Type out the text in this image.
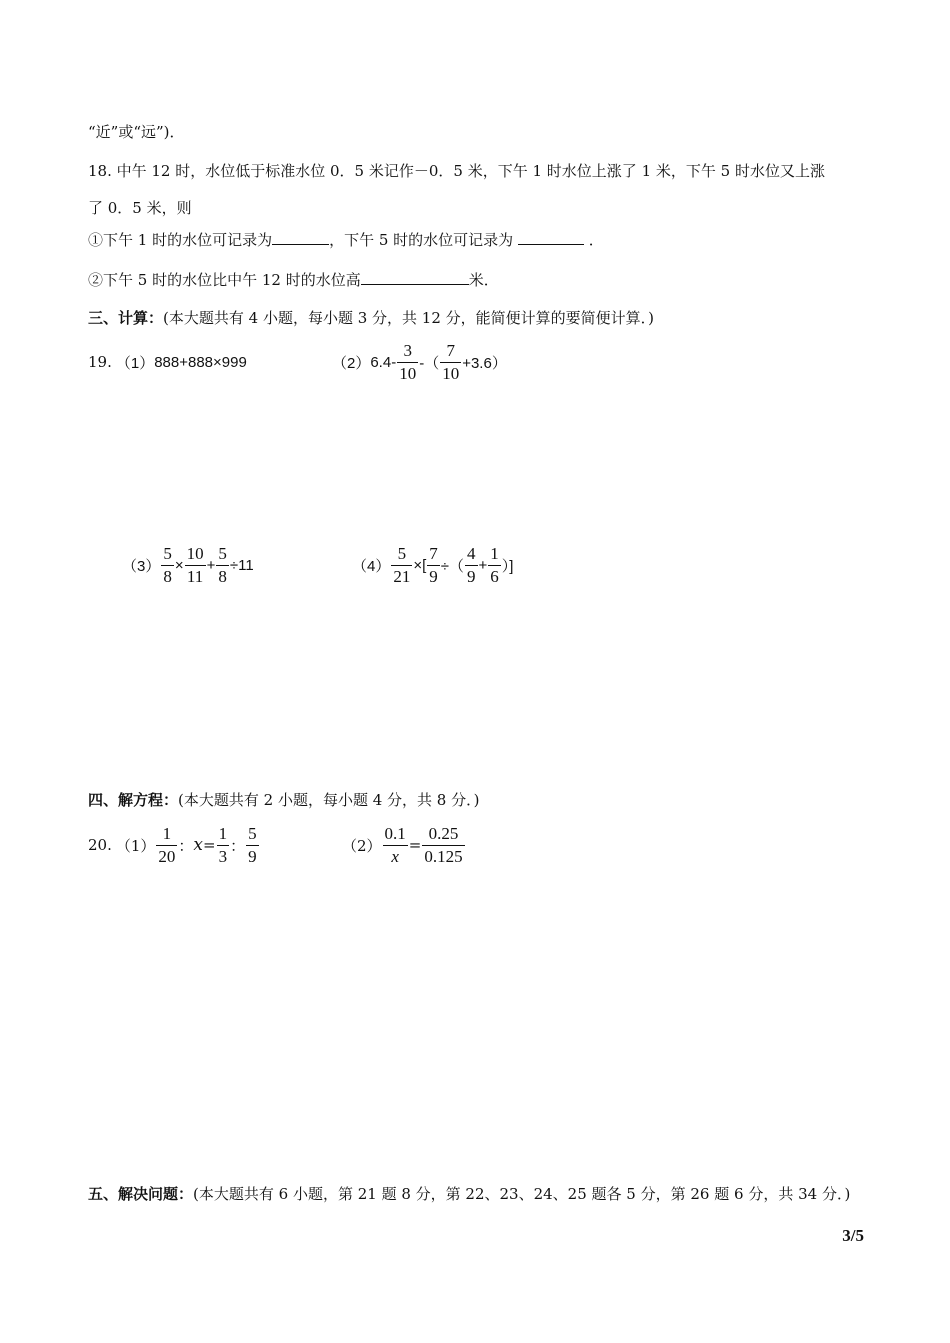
“近”或“远”)．
18. 中午 12 时，水位低于标准水位 0．5 米记作－0．5 米，下午 1 时水位上涨了 1 米，下午 5 时水位又上涨
了 0．5 米，则
①下午 1 时的水位可记录为	，下午 5 时的水位可记录为	．
②下午 5 时的水位比中午 12 时的水位高	米．
三、计算：(本大题共有 4 小题，每小题 3 分，共 12 分，能简便计算的要简便计算．)
19. （1） 888+888×999	（2） $6.4- \frac{3}{10}$ -（ $\frac{7}{10} +3.6$）
$(3) \frac{5}{8} \times \frac{10}{11} + \frac{5}{8} \div 11$	$(4) \frac{5}{21}$ ×[ $\frac{7}{9}$ ÷（ $\frac{4}{9} + \frac{1}{6}$ ）]
四、解方程：(本大题共有 2 小题，每小题 4 分，共 8 分．)
20. $(1) \frac{1}{20}$ ： $x = \frac{1}{3}$ ： $\frac{5}{9}$	$(2) \frac{0.1}{x} = \frac{0.25}{0.125}$
五、解决问题：(本大题共有 6 小题，第 21 题 8 分，第 22、23、24、25 题各 5 分，第 26 题 6 分，共 34 分．)
3/5
